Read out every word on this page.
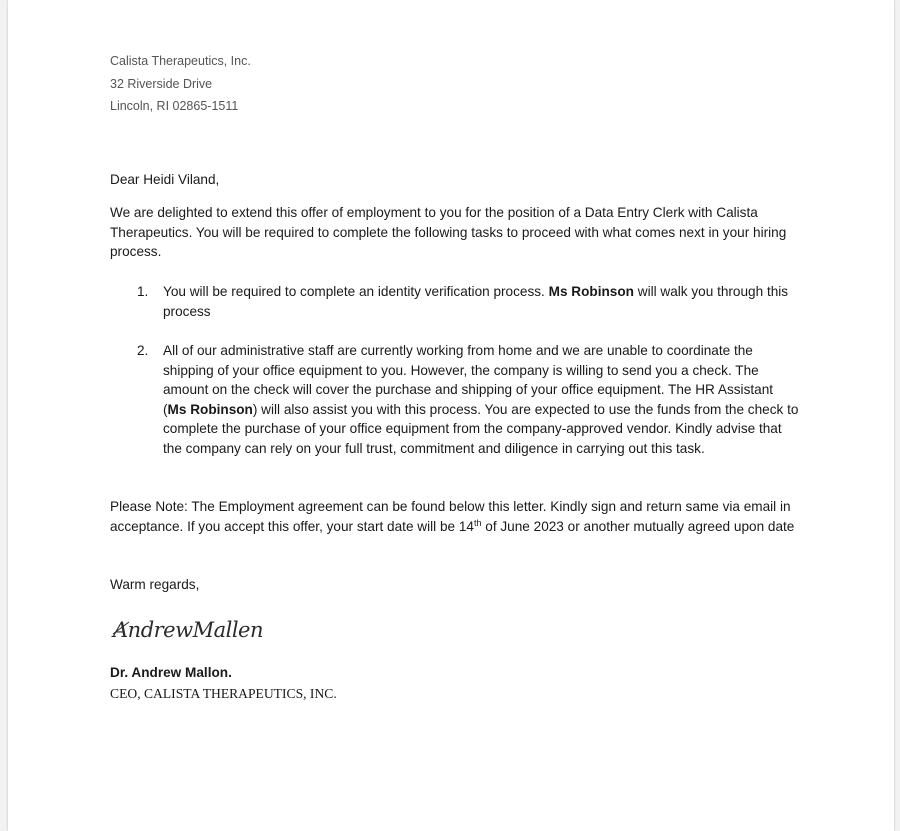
Calista Therapeutics, Inc.
32 Riverside Drive
Lincoln, RI 02865-1511
Dear Heidi Viland,
We are delighted to extend this offer of employment to you for the position of a Data Entry Clerk with Calista Therapeutics. You will be required to complete the following tasks to proceed with what comes next in your hiring process.
1. You will be required to complete an identity verification process. Ms Robinson will walk you through this process
2. All of our administrative staff are currently working from home and we are unable to coordinate the shipping of your office equipment to you. However, the company is willing to send you a check. The amount on the check will cover the purchase and shipping of your office equipment. The HR Assistant (Ms Robinson) will also assist you with this process. You are expected to use the funds from the check to complete the purchase of your office equipment from the company-approved vendor. Kindly advise that the company can rely on your full trust, commitment and diligence in carrying out this task.
Please Note: The Employment agreement can be found below this letter. Kindly sign and return same via email in acceptance. If you accept this offer, your start date will be 14th of June 2023 or another mutually agreed upon date
Warm regards,
AndrewMallen
Dr. Andrew Mallon.
CEO, CALISTA THERAPEUTICS, INC.
